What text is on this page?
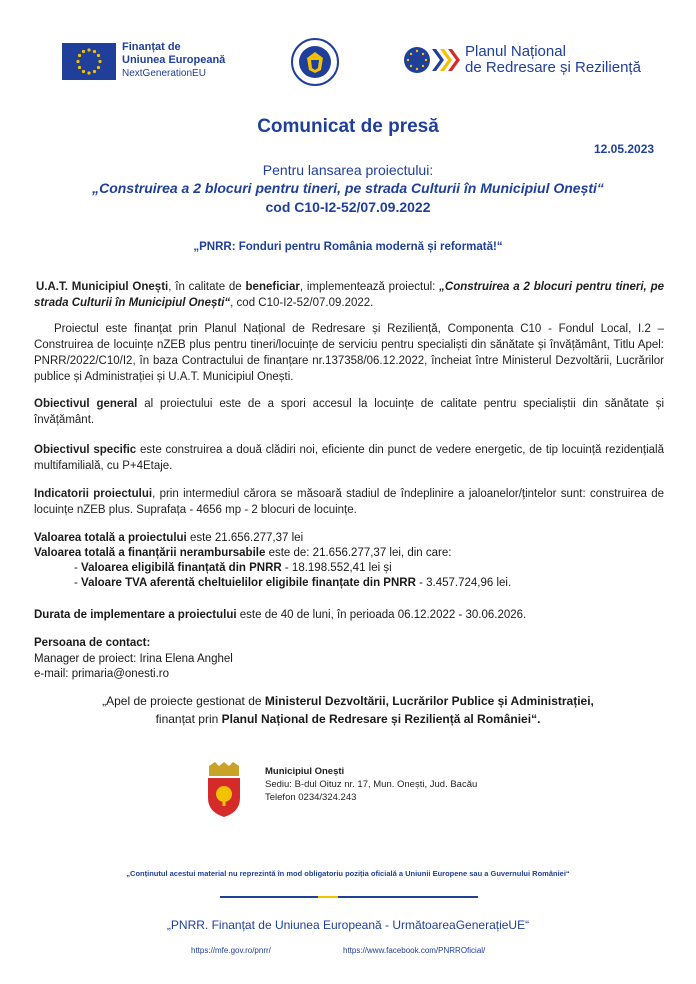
Finanțat de
Uniunea Europeană
NextGenerationEU
Planul Național
de Redresare și Reziliență
Comunicat de presă
12.05.2023
Pentru lansarea proiectului:
„Construirea a 2 blocuri pentru tineri, pe strada Culturii în Municipiul Onești“
cod C10-I2-52/07.09.2022
„PNRR: Fonduri pentru România modernă și reformată!“
U.A.T. Municipiul Onești, în calitate de beneficiar, implementează proiectul: „Construirea a 2 blocuri pentru tineri, pe strada Culturii în Municipiul Onești“, cod C10-I2-52/07.09.2022.
Proiectul este finanțat prin Planul Național de Redresare și Reziliență, Componenta C10 - Fondul Local, I.2 – Construirea de locuințe nZEB plus pentru tineri/locuințe de serviciu pentru specialiști din sănătate și învățământ, Titlu Apel: PNRR/2022/C10/I2, în baza Contractului de finanțare nr.137358/06.12.2022, încheiat între Ministerul Dezvoltării, Lucrărilor publice și Administrației și U.A.T. Municipiul Onești.
Obiectivul general al proiectului este de a spori accesul la locuințe de calitate pentru specialiștii din sănătate și învățământ.
Obiectivul specific este construirea a două clădiri noi, eficiente din punct de vedere energetic, de tip locuință rezidențială multifamilială, cu P+4Etaje.
Indicatorii proiectului, prin intermediul cărora se măsoară stadiul de îndeplinire a jaloanelor/țintelor sunt: construirea de locuințe nZEB plus. Suprafața - 4656 mp - 2 blocuri de locuințe.
Valoarea totală a proiectului este 21.656.277,37 lei
Valoarea totală a finanțării nerambursabile este de: 21.656.277,37 lei, din care:
- Valoarea eligibilă finanțată din PNRR - 18.198.552,41 lei și
- Valoare TVA aferentă cheltuielilor eligibile finanțate din PNRR - 3.457.724,96 lei.
Durata de implementare a proiectului este de 40 de luni, în perioada 06.12.2022 - 30.06.2026.
Persoana de contact:
Manager de proiect: Irina Elena Anghel
e-mail: primaria@onesti.ro
„Apel de proiecte gestionat de Ministerul Dezvoltării, Lucrărilor Publice și Administrației,
finanțat prin Planul Național de Redresare și Reziliență al României“.
Municipiul Onești
Sediu: B-dul Oituz nr. 17, Mun. Onești, Jud. Bacău
Telefon 0234/324.243
„Conținutul acestui material nu reprezintă în mod obligatoriu poziția oficială a Uniunii Europene sau a Guvernului României“
„PNRR. Finanțat de Uniunea Europeană - UrmătoareaGenerațieUE“
https://mfe.gov.ro/pnrr/	https://www.facebook.com/PNRROficial/
